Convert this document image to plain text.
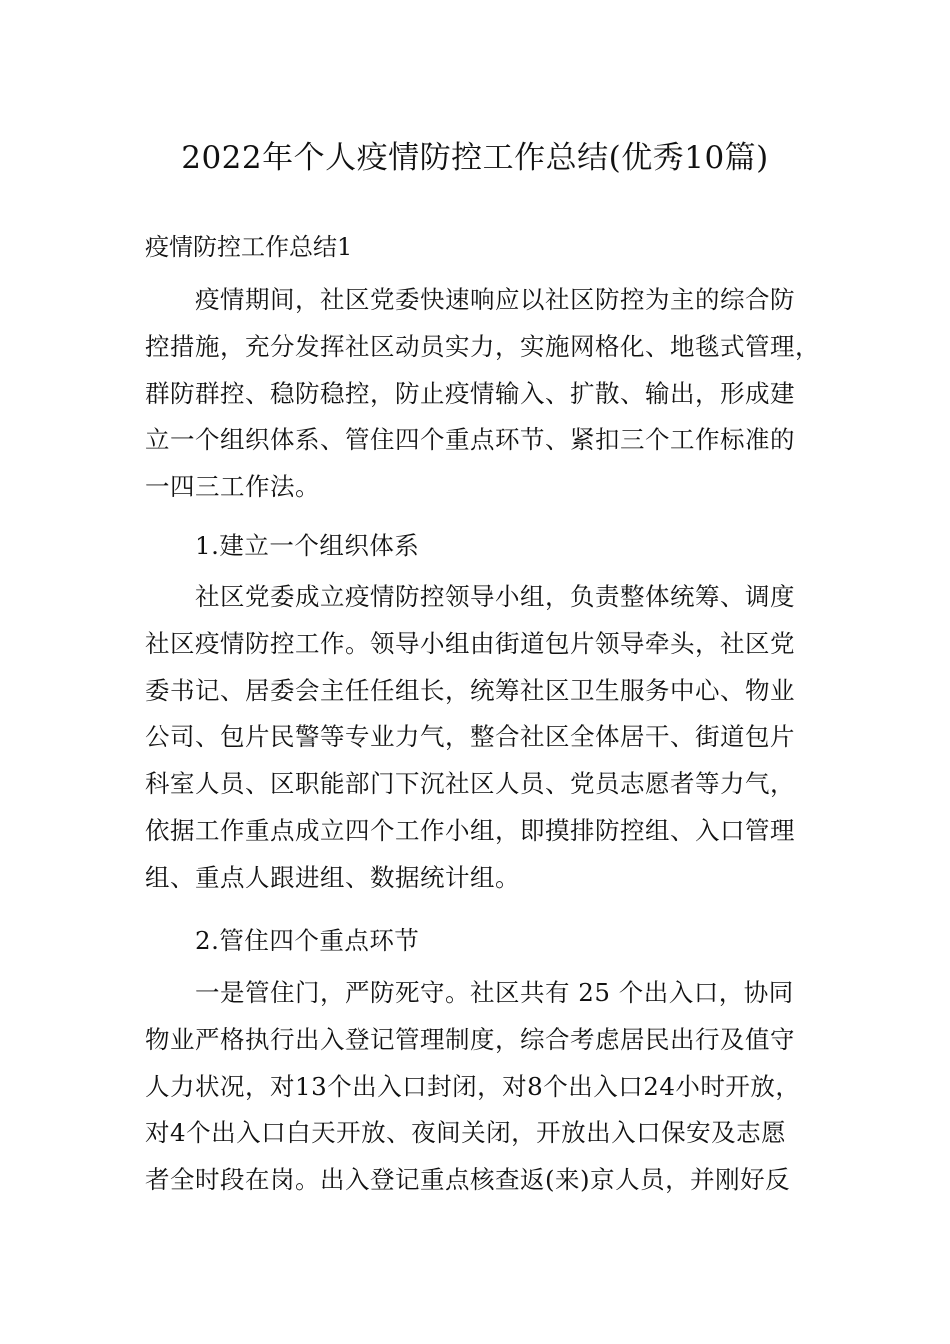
2022年个人疫情防控工作总结(优秀10篇)
疫情防控工作总结1
　　疫情期间，社区党委快速响应以社区防控为主的综合防
控措施，充分发挥社区动员实力，实施网格化、地毯式管理，
群防群控、稳防稳控，防止疫情输入、扩散、输出，形成建
立一个组织体系、管住四个重点环节、紧扣三个工作标准的
一四三工作法。
　　1.建立一个组织体系
　　社区党委成立疫情防控领导小组，负责整体统筹、调度
社区疫情防控工作。领导小组由街道包片领导牵头，社区党
委书记、居委会主任任组长，统筹社区卫生服务中心、物业
公司、包片民警等专业力气，整合社区全体居干、街道包片
科室人员、区职能部门下沉社区人员、党员志愿者等力气，
依据工作重点成立四个工作小组，即摸排防控组、入口管理
组、重点人跟进组、数据统计组。
　　2.管住四个重点环节
　　一是管住门，严防死守。社区共有 25 个出入口，协同
物业严格执行出入登记管理制度，综合考虑居民出行及值守
人力状况，对13个出入口封闭，对8个出入口24小时开放，
对4个出入口白天开放、夜间关闭，开放出入口保安及志愿
者全时段在岗。出入登记重点核查返(来)京人员，并刚好反
